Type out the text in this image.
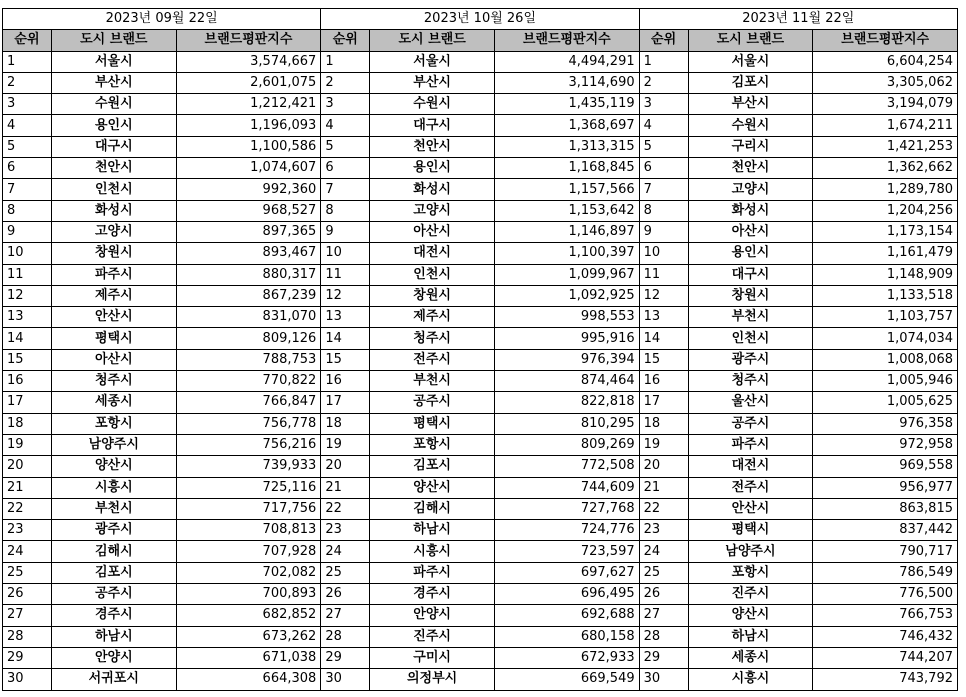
2023년 09월 22일			2023년 10월 26일			2023년 11월 22일		
순위	도시 브랜드	브랜드평판지수		순위	도시 브랜드	브랜드평판지수		순위	도시 브랜드	브랜드평판지수
1	서울시	3,574,667		1	서울시	4,494,291		1	서울시	6,604,254
2	부산시	2,601,075		2	부산시	3,114,690		2	김포시	3,305,062
3	수원시	1,212,421		3	수원시	1,435,119		3	부산시	3,194,079
4	용인시	1,196,093		4	대구시	1,368,697		4	수원시	1,674,211
5	대구시	1,100,586		5	천안시	1,313,315		5	구리시	1,421,253
6	천안시	1,074,607		6	용인시	1,168,845		6	천안시	1,362,662
7	인천시	992,360		7	화성시	1,157,566		7	고양시	1,289,780
8	화성시	968,527		8	고양시	1,153,642		8	화성시	1,204,256
9	고양시	897,365		9	아산시	1,146,897		9	아산시	1,173,154
10	창원시	893,467		10	대전시	1,100,397		10	용인시	1,161,479
11	파주시	880,317		11	인천시	1,099,967		11	대구시	1,148,909
12	제주시	867,239		12	창원시	1,092,925		12	창원시	1,133,518
13	안산시	831,070		13	제주시	998,553		13	부천시	1,103,757
14	평택시	809,126		14	청주시	995,916		14	인천시	1,074,034
15	아산시	788,753		15	전주시	976,394		15	광주시	1,008,068
16	청주시	770,822		16	부천시	874,464		16	청주시	1,005,946
17	세종시	766,847		17	공주시	822,818		17	울산시	1,005,625
18	포항시	756,778		18	평택시	810,295		18	공주시	976,358
19	남양주시	756,216		19	포항시	809,269		19	파주시	972,958
20	양산시	739,933		20	김포시	772,508		20	대전시	969,558
21	시흥시	725,116		21	양산시	744,609		21	전주시	956,977
22	부천시	717,756		22	김해시	727,768		22	안산시	863,815
23	광주시	708,813		23	하남시	724,776		23	평택시	837,442
24	김해시	707,928		24	시흥시	723,597		24	남양주시	790,717
25	김포시	702,082		25	파주시	697,627		25	포항시	786,549
26	공주시	700,893		26	경주시	696,495		26	진주시	776,500
27	경주시	682,852		27	안양시	692,688		27	양산시	766,753
28	하남시	673,262		28	진주시	680,158		28	하남시	746,432
29	안양시	671,038		29	구미시	672,933		29	세종시	744,207
30	서귀포시	664,308		30	의정부시	669,549		30	시흥시	743,792
